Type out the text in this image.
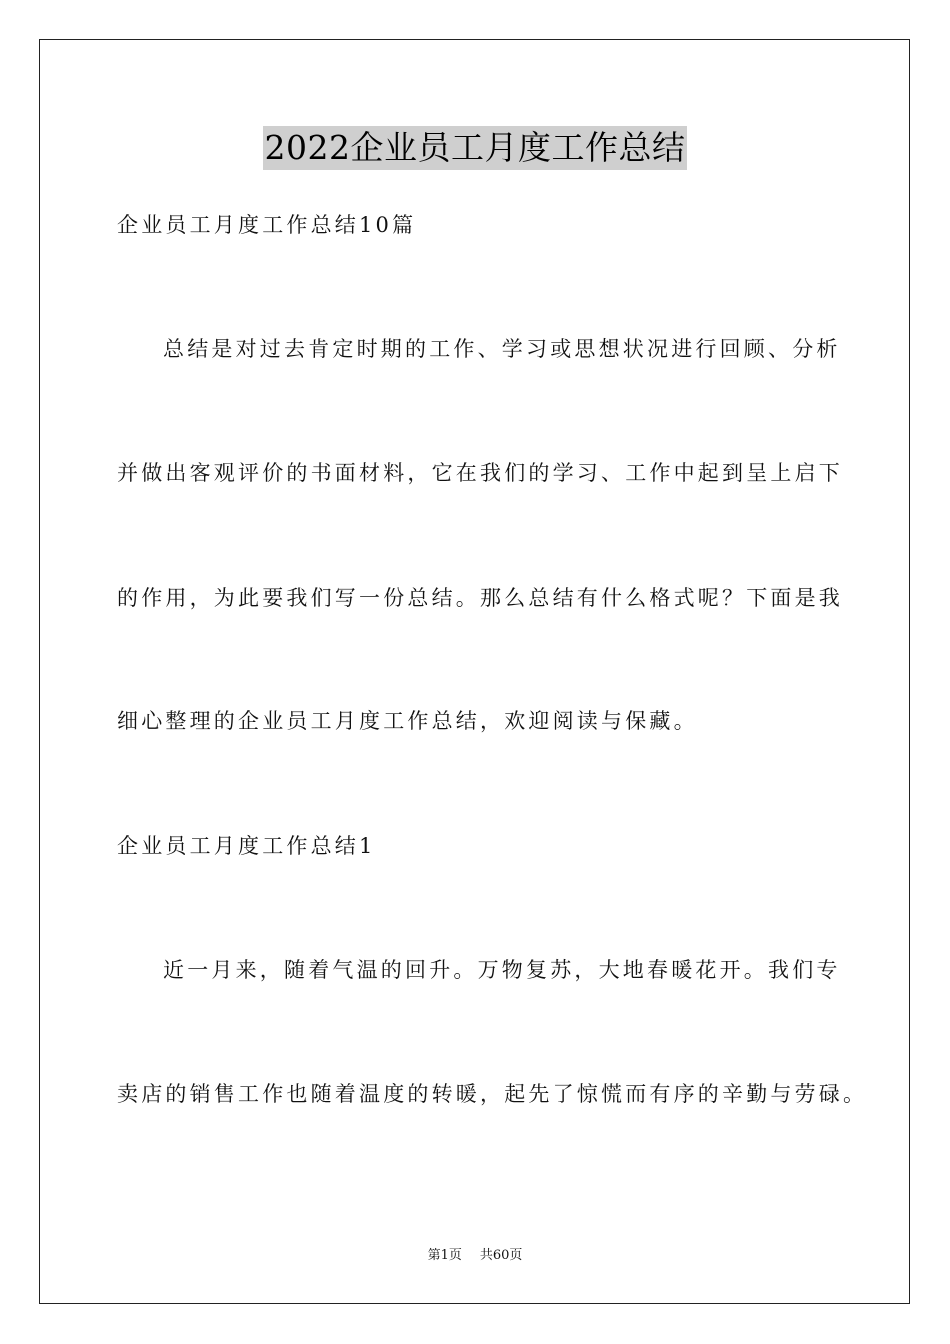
2022企业员工月度工作总结
企业员工月度工作总结10篇
总结是对过去肯定时期的工作、学习或思想状况进行回顾、分析
并做出客观评价的书面材料，它在我们的学习、工作中起到呈上启下
的作用，为此要我们写一份总结。那么总结有什么格式呢？下面是我
细心整理的企业员工月度工作总结，欢迎阅读与保藏。
企业员工月度工作总结1
近一月来，随着气温的回升。万物复苏，大地春暖花开。我们专
卖店的销售工作也随着温度的转暖，起先了惊慌而有序的辛勤与劳碌。
第1页 共60页
